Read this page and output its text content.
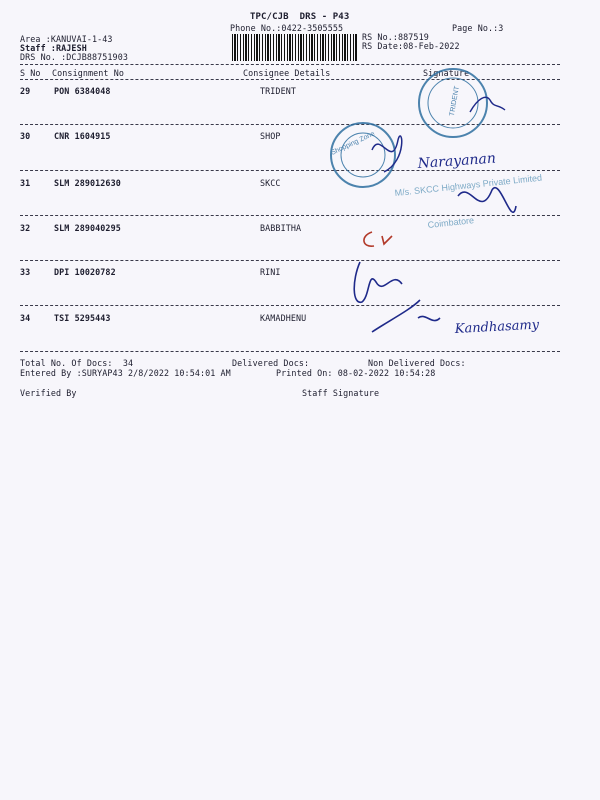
TPC/CJB  DRS - P43
Phone No.:0422-3505555	Page No.:3
Area :KANUVAI-1-43
Staff :RAJESH
DRS No. :DCJB88751903
RS No.:887519
RS Date:08-Feb-2022
S No Consignment No	Consignee Details	Signature
29	PON 6384048	TRIDENT
30	CNR 1604915	SHOP
31	SLM 289012630	SKCC
32	SLM 289040295	BABBITHA
33	DPI 10020782	RINI
34	TSI 5295443	KAMADHENU
Total No. Of Docs:  34	Delivered Docs:	Non Delivered Docs:
Entered By :SURYAP43 2/8/2022 10:54:01 AM	Printed On: 08-02-2022 10:54:28
Verified By	Staff Signature
TRIDENT
Shopping Zone
Narayanan
M/s. SKCC Highways Private Limited
Coimbatore
Kandhasamy
